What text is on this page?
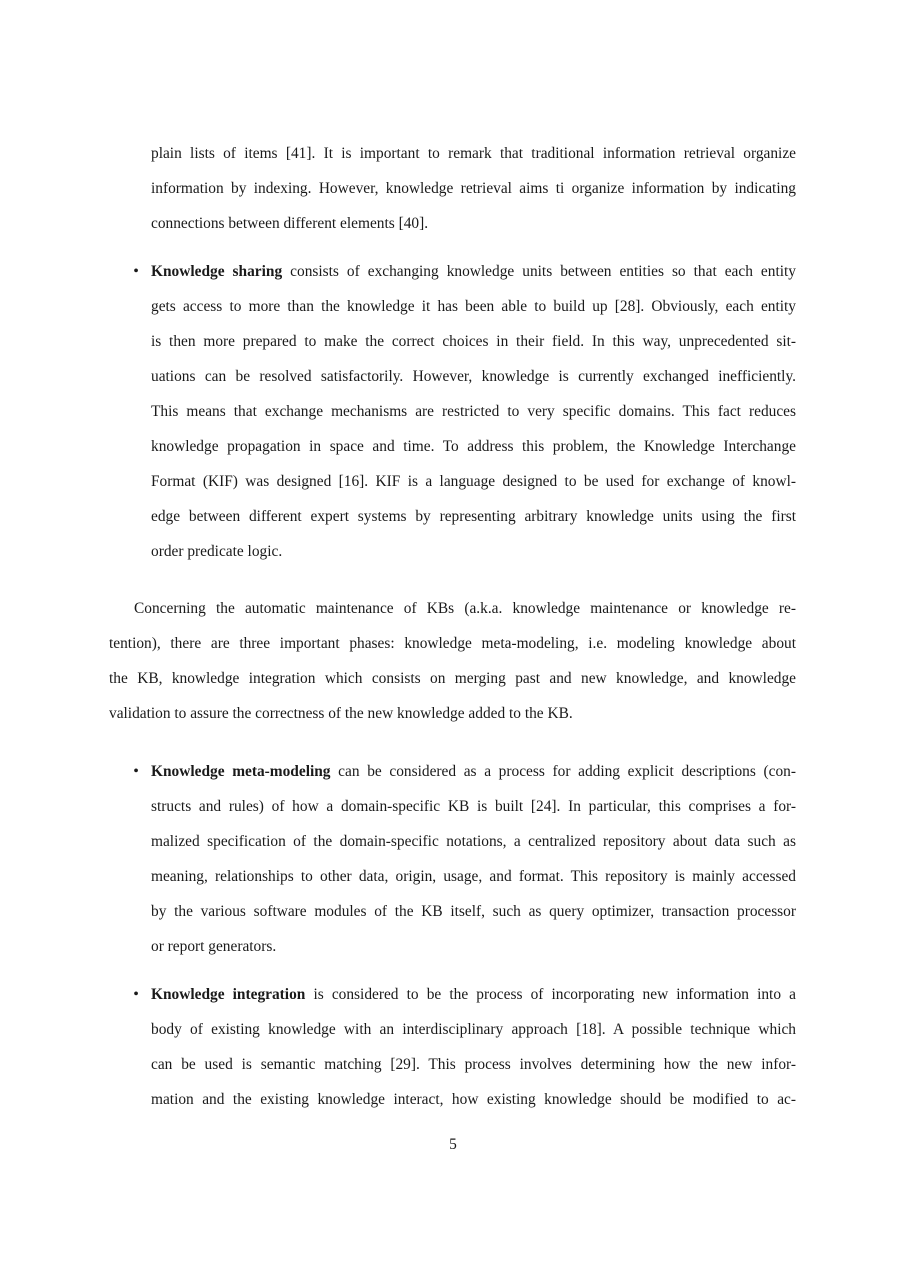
plain lists of items [41]. It is important to remark that traditional information retrieval organize
information by indexing. However, knowledge retrieval aims ti organize information by indicating
connections between different elements [40].
• Knowledge sharing consists of exchanging knowledge units between entities so that each entity
gets access to more than the knowledge it has been able to build up [28]. Obviously, each entity
is then more prepared to make the correct choices in their field. In this way, unprecedented sit-
uations can be resolved satisfactorily. However, knowledge is currently exchanged inefficiently.
This means that exchange mechanisms are restricted to very specific domains. This fact reduces
knowledge propagation in space and time. To address this problem, the Knowledge Interchange
Format (KIF) was designed [16]. KIF is a language designed to be used for exchange of knowl-
edge between different expert systems by representing arbitrary knowledge units using the first
order predicate logic.
Concerning the automatic maintenance of KBs (a.k.a. knowledge maintenance or knowledge re-
tention), there are three important phases: knowledge meta-modeling, i.e. modeling knowledge about
the KB, knowledge integration which consists on merging past and new knowledge, and knowledge
validation to assure the correctness of the new knowledge added to the KB.
• Knowledge meta-modeling can be considered as a process for adding explicit descriptions (con-
structs and rules) of how a domain-specific KB is built [24]. In particular, this comprises a for-
malized specification of the domain-specific notations, a centralized repository about data such as
meaning, relationships to other data, origin, usage, and format. This repository is mainly accessed
by the various software modules of the KB itself, such as query optimizer, transaction processor
or report generators.
• Knowledge integration is considered to be the process of incorporating new information into a
body of existing knowledge with an interdisciplinary approach [18]. A possible technique which
can be used is semantic matching [29]. This process involves determining how the new infor-
mation and the existing knowledge interact, how existing knowledge should be modified to ac-
5
